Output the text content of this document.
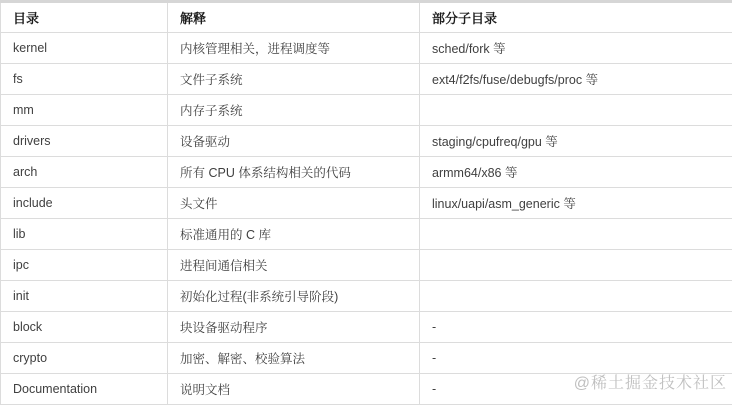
目录	解释	部分子目录
kernel	内核管理相关，进程调度等	sched/fork 等
fs	文件子系统	ext4/f2fs/fuse/debugfs/proc 等
mm	内存子系统	
drivers	设备驱动	staging/cpufreq/gpu 等
arch	所有 CPU 体系结构相关的代码	armm64/x86 等
include	头文件	linux/uapi/asm_generic 等
lib	标准通用的 C 库	
ipc	进程间通信相关	
init	初始化过程(非系统引导阶段)	
block	块设备驱动程序	-
crypto	加密、解密、校验算法	-
Documentation	说明文档	-	@稀土掘金技术社区
